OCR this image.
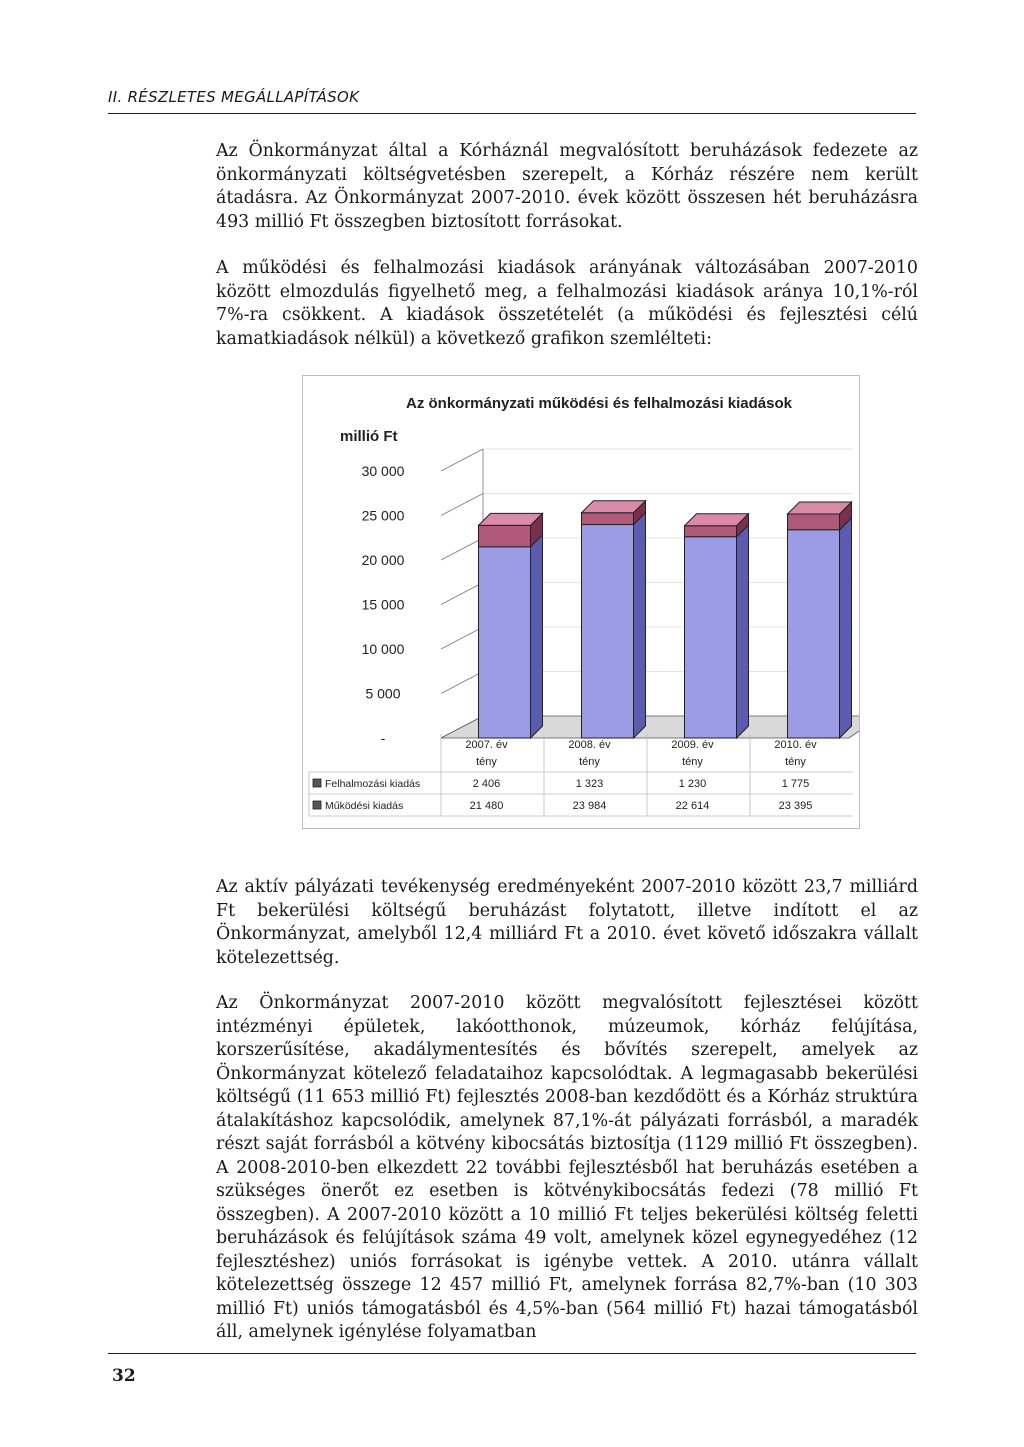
II. RÉSZLETES MEGÁLLAPÍTÁSOK

Az Önkormányzat által a Kórháznál megvalósított beruházások fedezete az önkormányzati költségvetésben szerepelt, a Kórház részére nem került átadásra. Az Önkormányzat 2007-2010. évek között összesen hét beruházásra 493 millió Ft összegben biztosított forrásokat.

A működési és felhalmozási kiadások arányának változásában 2007-2010 között elmozdulás figyelhető meg, a felhalmozási kiadások aránya 10,1%-ról 7%-ra csökkent. A kiadások összetételét (a működési és fejlesztési célú kamatkiadások nélkül) a következő grafikon szemlélteti:

Az önkormányzati működési és felhalmozási kiadások
millió Ft
-
5 000
10 000
15 000
20 000
25 000
30 000
2007. év
tény
2008. év
tény
2009. év
tény
2010. év
tény
Felhalmozási kiadás	2 406	1 323	1 230	1 775
Működési kiadás	21 480	23 984	22 614	23 395

Az aktív pályázati tevékenység eredményeként 2007-2010 között 23,7 milliárd Ft bekerülési költségű beruházást folytatott, illetve indított el az Önkormányzat, amelyből 12,4 milliárd Ft a 2010. évet követő időszakra vállalt kötelezettség.

Az Önkormányzat 2007-2010 között megvalósított fejlesztései között intézményi épületek, lakóotthonok, múzeumok, kórház felújítása, korszerűsítése, akadálymentesítés és bővítés szerepelt, amelyek az Önkormányzat kötelező feladataihoz kapcsolódtak. A legmagasabb bekerülési költségű (11 653 millió Ft) fejlesztés 2008-ban kezdődött és a Kórház struktúra átalakításhoz kapcsolódik, amelynek 87,1%-át pályázati forrásból, a maradék részt saját forrásból a kötvény kibocsátás biztosítja (1129 millió Ft összegben). A 2008-2010-ben elkezdett 22 további fejlesztésből hat beruházás esetében a szükséges önerőt ez esetben is kötvénykibocsátás fedezi (78 millió Ft összegben). A 2007-2010 között a 10 millió Ft teljes bekerülési költség feletti beruházások és felújítások száma 49 volt, amelynek közel egynegyedéhez (12 fejlesztéshez) uniós forrásokat is igénybe vettek. A 2010. utánra vállalt kötelezettség összege 12 457 millió Ft, amelynek forrása 82,7%-ban (10 303 millió Ft) uniós támogatásból és 4,5%-ban (564 millió Ft) hazai támogatásból áll, amelynek igénylése folyamatban

32
